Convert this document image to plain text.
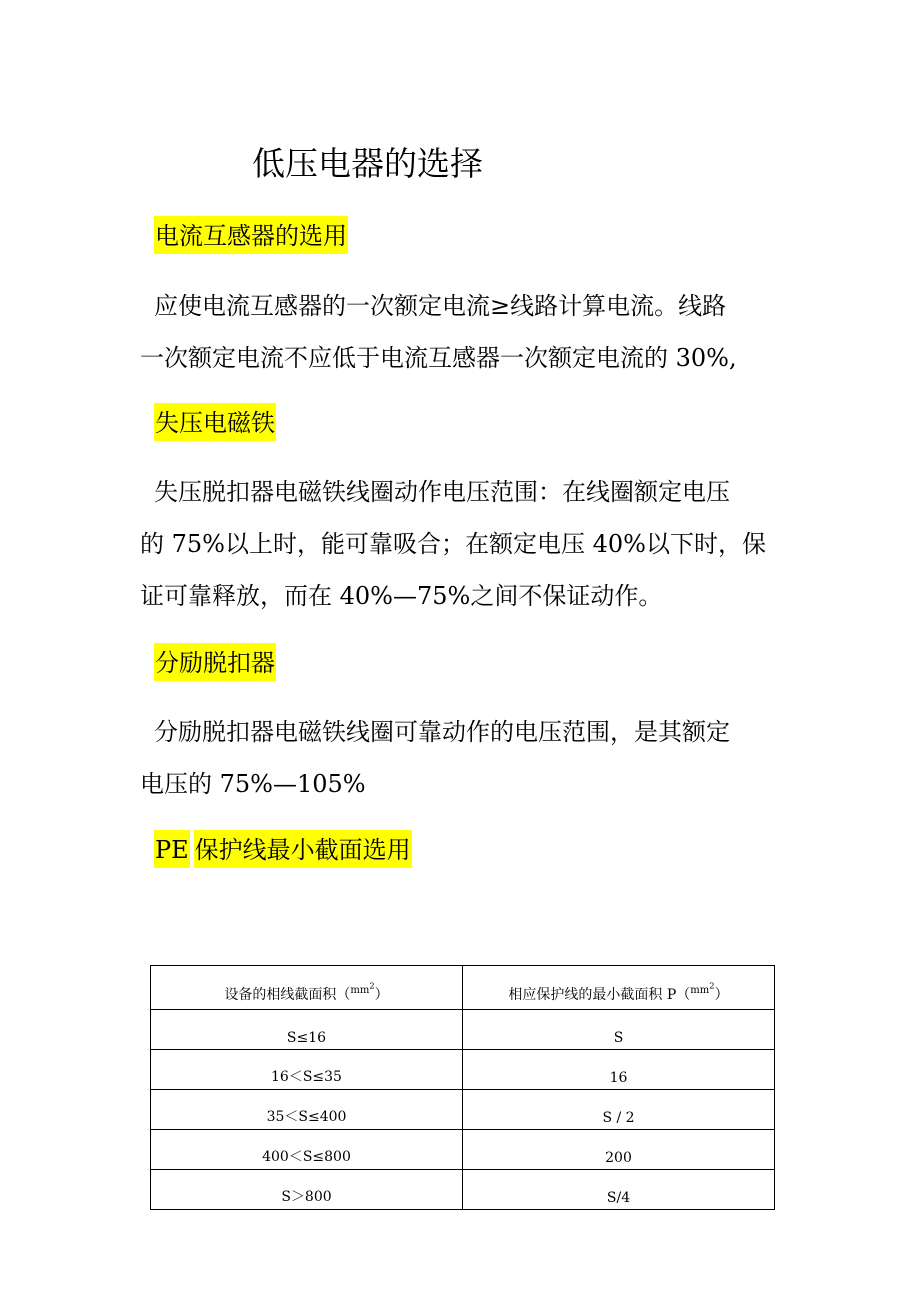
低压电器的选择
电流互感器的选用

应使电流互感器的一次额定电流≥线路计算电流。线路

一次额定电流不应低于电流互感器一次额定电流的 30%,

失压电磁铁

失压脱扣器电磁铁线圈动作电压范围：在线圈额定电压

的 75%以上时，能可靠吸合；在额定电压 40%以下时，保

证可靠释放，而在 40%—75%之间不保证动作。

分励脱扣器

分励脱扣器电磁铁线圈可靠动作的电压范围，是其额定

电压的 75%—105%

PE 保护线最小截面选用
设备的相线截面积（$^{mm^2}$）	相应保护线的最小截面积 P（$^{mm^2}$）
S≤16	S
16＜S≤35	16
35＜S≤400	S / 2
400＜S≤800	200
S＞800	S/4
